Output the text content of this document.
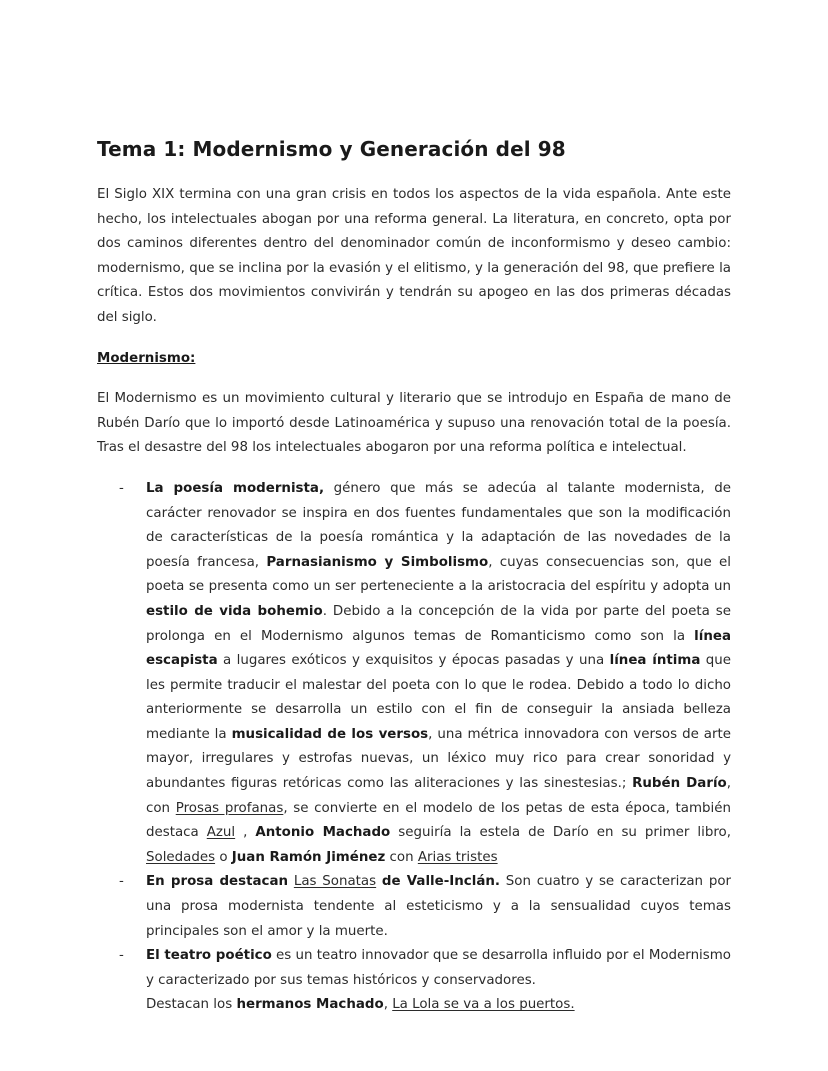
Tema 1: Modernismo y Generación del 98

El Siglo XIX termina con una gran crisis en todos los aspectos de la vida española. Ante este hecho, los intelectuales abogan por una reforma general. La literatura, en concreto, opta por dos caminos diferentes dentro del denominador común de inconformismo y deseo cambio: modernismo, que se inclina por la evasión y el elitismo, y la generación del 98, que prefiere la crítica. Estos dos movimientos convivirán y tendrán su apogeo en las dos primeras décadas del siglo.

Modernismo:

El Modernismo es un movimiento cultural y literario que se introdujo en España de mano de Rubén Darío que lo importó desde Latinoamérica y supuso una renovación total de la poesía. Tras el desastre del 98 los intelectuales abogaron por una reforma política e intelectual.

- La poesía modernista, género que más se adecúa al talante modernista, de carácter renovador se inspira en dos fuentes fundamentales que son la modificación de características de la poesía romántica y la adaptación de las novedades de la poesía francesa, Parnasianismo y Simbolismo, cuyas consecuencias son, que el poeta se presenta como un ser perteneciente a la aristocracia del espíritu y adopta un estilo de vida bohemio. Debido a la concepción de la vida por parte del poeta se prolonga en el Modernismo algunos temas de Romanticismo como son la línea escapista a lugares exóticos y exquisitos y épocas pasadas y una línea íntima que les permite traducir el malestar del poeta con lo que le rodea. Debido a todo lo dicho anteriormente se desarrolla un estilo con el fin de conseguir la ansiada belleza mediante la musicalidad de los versos, una métrica innovadora con versos de arte mayor, irregulares y estrofas nuevas, un léxico muy rico para crear sonoridad y abundantes figuras retóricas como las aliteraciones y las sinestesias.; Rubén Darío, con Prosas profanas, se convierte en el modelo de los petas de esta época, también destaca Azul , Antonio Machado seguiría la estela de Darío en su primer libro, Soledades o Juan Ramón Jiménez con Arias tristes
- En prosa destacan Las Sonatas de Valle-Inclán. Son cuatro y se caracterizan por una prosa modernista tendente al esteticismo y a la sensualidad cuyos temas principales son el amor y la muerte.
- El teatro poético es un teatro innovador que se desarrolla influido por el Modernismo y caracterizado por sus temas históricos y conservadores.
Destacan los hermanos Machado, La Lola se va a los puertos.
